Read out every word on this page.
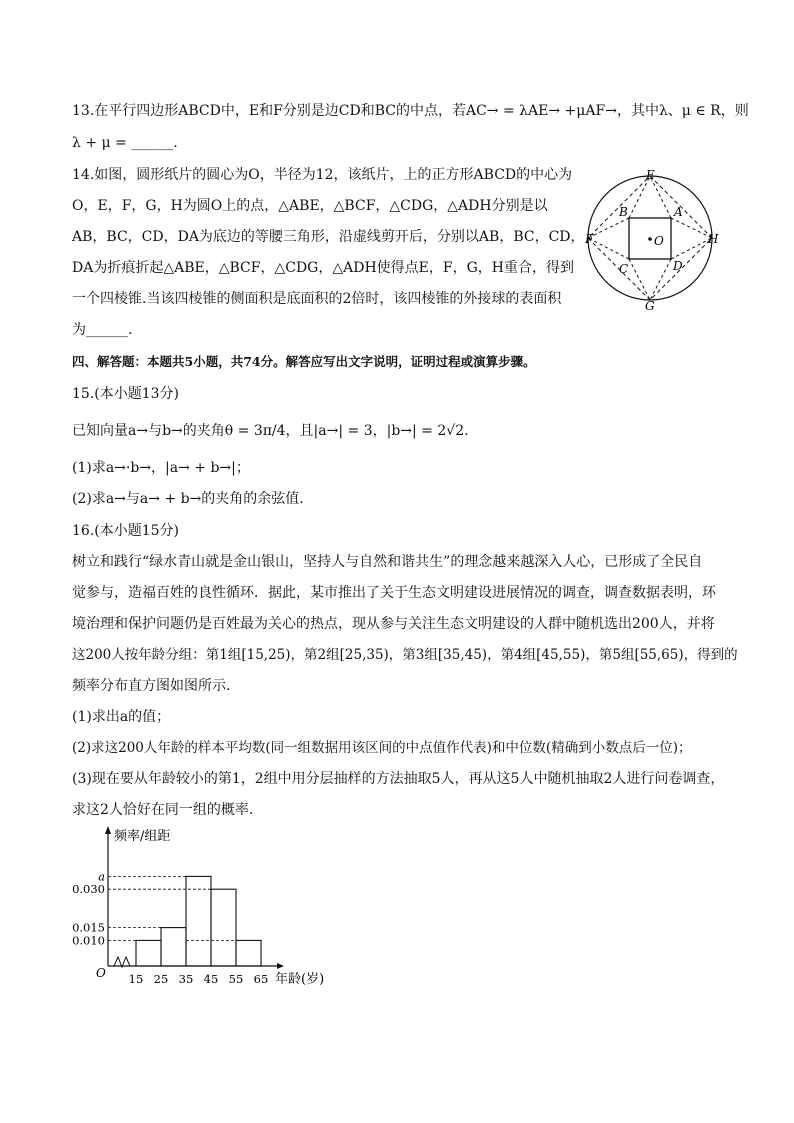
13.在平行四边形ABCD中，E和F分别是边CD和BC的中点，若AC→ = λAE→ +μAF→，其中λ、μ ∈ R，则
λ + μ = ______.
14.如图，圆形纸片的圆心为O，半径为12，该纸片，上的正方形ABCD的中心为
O，E，F，G，H为圆O上的点，△ABE，△BCF，△CDG，△ADH分别是以
AB，BC，CD，DA为底边的等腰三角形，沿虚线剪开后，分别以AB，BC，CD，
DA为折痕折起△ABE，△BCF，△CDG，△ADH使得点E，F，G，H重合，得到
一个四棱锥.当该四棱锥的侧面积是底面积的2倍时，该四棱锥的外接球的表面积
为______.
E
A
B
C	D
F	H
G
O
四、解答题：本题共5小题，共74分。解答应写出文字说明，证明过程或演算步骤。
15.(本小题13分)
已知向量a→与b→的夹角θ = 3π/4，且|a→| = 3，|b→| = 2√2.
(1)求a→·b→，|a→ + b→|；
(2)求a→与a→ + b→的夹角的余弦值.
16.(本小题15分)
树立和践行“绿水青山就是金山银山，坚持人与自然和谐共生”的理念越来越深入人心，已形成了全民自
觉参与，造福百姓的良性循环．据此，某市推出了关于生态文明建设进展情况的调查，调查数据表明，环
境治理和保护问题仍是百姓最为关心的热点，现从参与关注生态文明建设的人群中随机选出200人，并将
这200人按年龄分组：第1组[15,25)，第2组[25,35)，第3组[35,45)，第4组[45,55)，第5组[55,65)，得到的
频率分布直方图如图所示．
(1)求出a的值；
(2)求这200人年龄的样本平均数(同一组数据用该区间的中点值作代表)和中位数(精确到小数点后一位)；
(3)现在要从年龄较小的第1，2组中用分层抽样的方法抽取5人，再从这5人中随机抽取2人进行问卷调查，
求这2人恰好在同一组的概率.
0.010
0.015
0.030
a
15 25 35 45 55 65
O
频率/组距
年龄(岁)
